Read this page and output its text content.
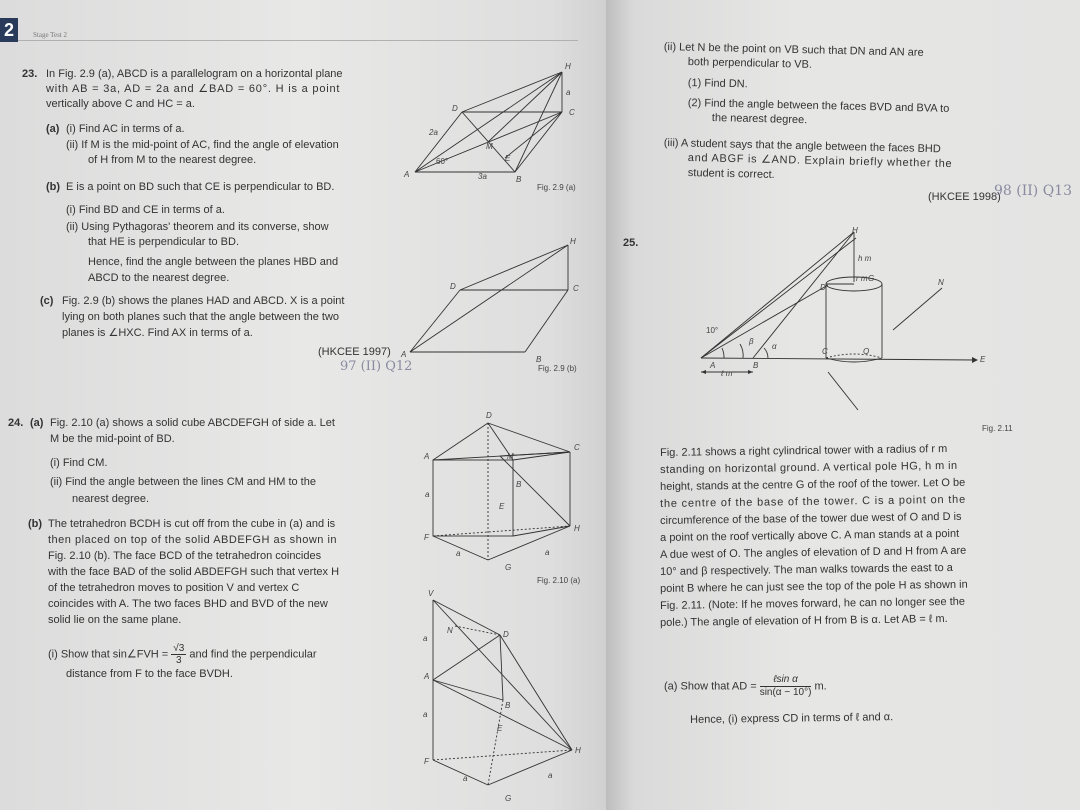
2	Stage Test 2
23. In Fig. 2.9 (a), ABCD is a parallelogram on a horizontal plane
with AB = 3a, AD = 2a and ∠BAD = 60°. H is a point
vertically above C and HC = a.
(a) (i) Find AC in terms of a.
(ii) If M is the mid-point of AC, find the angle of elevation
of H from M to the nearest degree.
(b) E is a point on BD such that CE is perpendicular to BD.
(i) Find BD and CE in terms of a.
(ii) Using Pythagoras' theorem and its converse, show
that HE is perpendicular to BD.
Hence, find the angle between the planes HBD and
ABCD to the nearest degree.
(c) Fig. 2.9 (b) shows the planes HAD and ABCD. X is a point
lying on both planes such that the angle between the two
planes is ∠HXC. Find AX in terms of a.
(HKCEE 1997)
97 (II) Q12
24. (a) Fig. 2.10 (a) shows a solid cube ABCDEFGH of side a. Let
M be the mid-point of BD.
(i) Find CM.
(ii) Find the angle between the lines CM and HM to the
nearest degree.
(b) The tetrahedron BCDH is cut off from the cube in (a) and is
then placed on top of the solid ABDEFGH as shown in
Fig. 2.10 (b). The face BCD of the tetrahedron coincides
with the face BAD of the solid ABDEFGH such that vertex H
of the tetrahedron moves to position V and vertex C
coincides with A. The two faces BHD and BVD of the new
solid lie on the same plane.
(i) Show that sin∠FVH = $\frac{√3}{3}$ and find the perpendicular
distance from F to the face BVDH.
H
a
D	C
2a
M
E
60°
A	3a	B
Fig. 2.9 (a)
H
D	C
A
B
Fig. 2.9 (b)
D
C
A	M
B
a
E
H
F
a	a
G
Fig. 2.10 (a)
V
N	D
a
A
B
a
E
H
F
a	a
G
(ii) Let N be the point on VB such that DN and AN are
both perpendicular to VB.
(1) Find DN.
(2) Find the angle between the faces BVD and BVA to
the nearest degree.
(iii) A student says that the angle between the faces BHD
and ABGF is ∠AND. Explain briefly whether the
student is correct.
(HKCEE 1998)
98 (II) Q13
25.
H
h m
r m G	N
D
10°
β
α
C	O
A	B
ℓ m
E
Fig. 2.11
Fig. 2.11 shows a right cylindrical tower with a radius of r m
standing on horizontal ground. A vertical pole HG, h m in
height, stands at the centre G of the roof of the tower. Let O be
the centre of the base of the tower. C is a point on the
circumference of the base of the tower due west of O and D is
a point on the roof vertically above C. A man stands at a point
A due west of O. The angles of elevation of D and H from A are
10° and β respectively. The man walks towards the east to a
point B where he can just see the top of the pole H as shown in
Fig. 2.11. (Note: If he moves forward, he can no longer see the
pole.) The angle of elevation of H from B is α. Let AB = ℓ m.
(a) Show that AD =
ℓsin α
sin(α − 10°)
m.
Hence, (i) express CD in terms of ℓ and α.
